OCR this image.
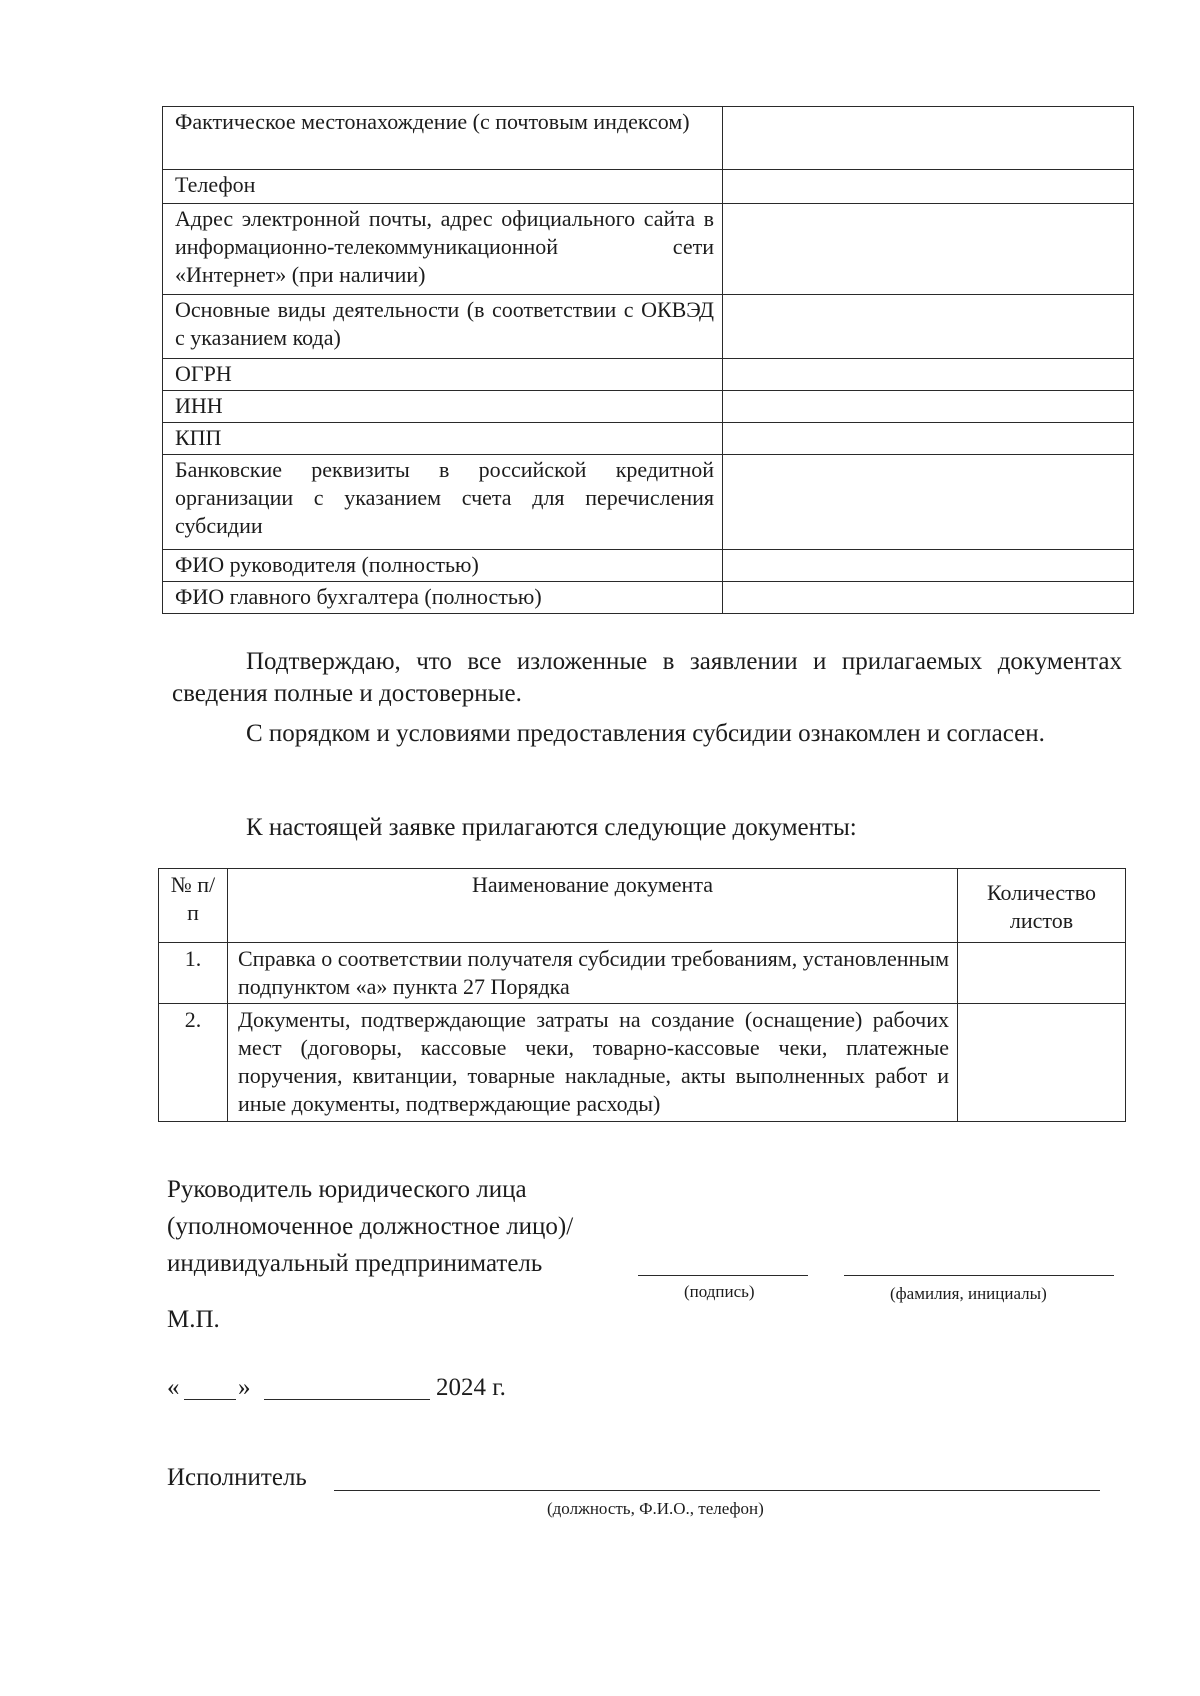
Фактическое местонахождение (с почтовым индексом)	
Телефон	
Адрес электронной почты, адрес официального сайта в информационно-телекоммуникационной сети «Интернет» (при наличии)	
Основные виды деятельности (в соответствии с ОКВЭД с указанием кода)	
ОГРН	
ИНН	
КПП	
Банковские реквизиты в российской кредитной организации с указанием счета для перечисления субсидии	
ФИО руководителя (полностью)	
ФИО главного бухгалтера (полностью)	
Подтверждаю, что все изложенные в заявлении и прилагаемых документах сведения полные и достоверные.
С порядком и условиями предоставления субсидии ознакомлен и согласен.
К настоящей заявке прилагаются следующие документы:
№ п/п	Наименование документа	Количество листов
1.	Справка о соответствии получателя субсидии требованиям, установленным подпунктом «а» пункта 27 Порядка	
2.	Документы, подтверждающие затраты на создание (оснащение) рабочих мест (договоры, кассовые чеки, товарно-кассовые чеки, платежные поручения, квитанции, товарные накладные, акты выполненных работ и иные документы, подтверждающие расходы)	
Руководитель юридического лица
(уполномоченное должностное лицо)/
индивидуальный предприниматель
(подпись)	(фамилия, инициалы)
М.П.
« »	2024 г.
Исполнитель
(должность, Ф.И.О., телефон)
